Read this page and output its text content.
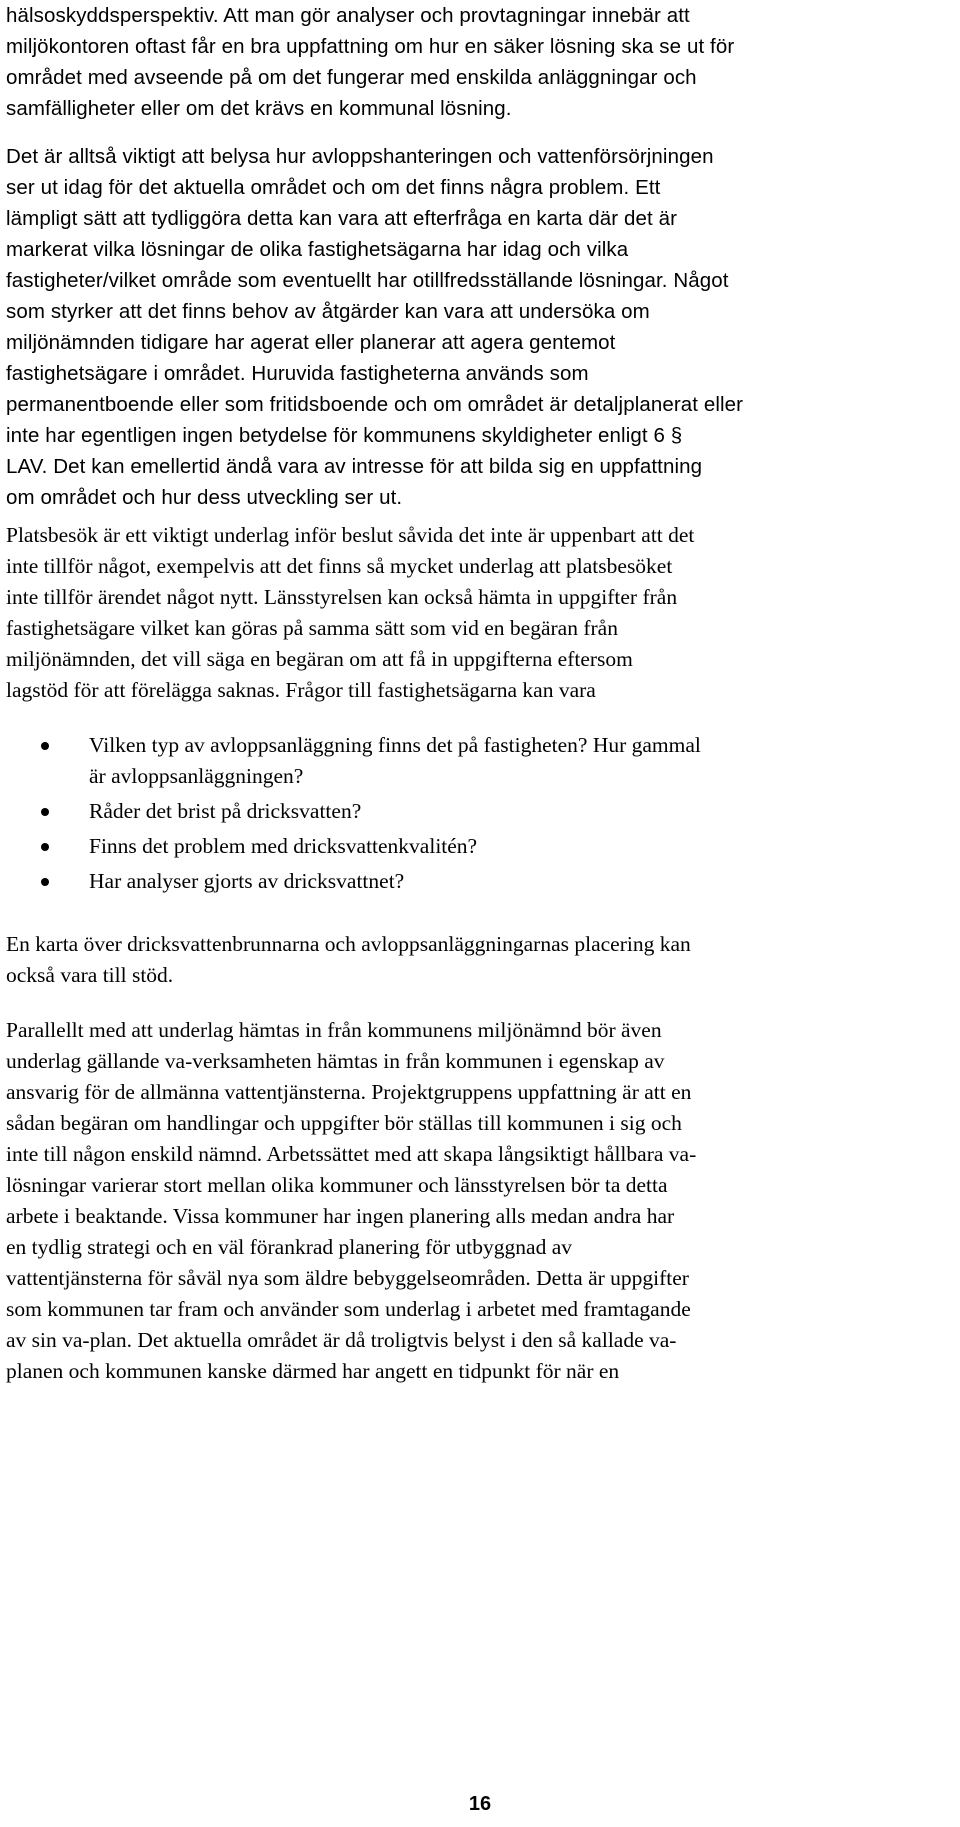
hälsoskyddsperspektiv. Att man gör analyser och provtagningar innebär att
miljökontoren oftast får en bra uppfattning om hur en säker lösning ska se ut för
området med avseende på om det fungerar med enskilda anläggningar och
samfälligheter eller om det krävs en kommunal lösning.
Det är alltså viktigt att belysa hur avloppshanteringen och vattenförsörjningen
ser ut idag för det aktuella området och om det finns några problem. Ett
lämpligt sätt att tydliggöra detta kan vara att efterfråga en karta där det är
markerat vilka lösningar de olika fastighetsägarna har idag och vilka
fastigheter/vilket område som eventuellt har otillfredsställande lösningar. Något
som styrker att det finns behov av åtgärder kan vara att undersöka om
miljönämnden tidigare har agerat eller planerar att agera gentemot
fastighetsägare i området. Huruvida fastigheterna används som
permanentboende eller som fritidsboende och om området är detaljplanerat eller
inte har egentligen ingen betydelse för kommunens skyldigheter enligt 6 §
LAV. Det kan emellertid ändå vara av intresse för att bilda sig en uppfattning
om området och hur dess utveckling ser ut.
Platsbesök är ett viktigt underlag inför beslut såvida det inte är uppenbart att det
inte tillför något, exempelvis att det finns så mycket underlag att platsbesöket
inte tillför ärendet något nytt. Länsstyrelsen kan också hämta in uppgifter från
fastighetsägare vilket kan göras på samma sätt som vid en begäran från
miljönämnden, det vill säga en begäran om att få in uppgifterna eftersom
lagstöd för att förelägga saknas. Frågor till fastighetsägarna kan vara
Vilken typ av avloppsanläggning finns det på fastigheten? Hur gammal
är avloppsanläggningen?
Råder det brist på dricksvatten?
Finns det problem med dricksvattenkvalitén?
Har analyser gjorts av dricksvattnet?
En karta över dricksvattenbrunnarna och avloppsanläggningarnas placering kan
också vara till stöd.
Parallellt med att underlag hämtas in från kommunens miljönämnd bör även
underlag gällande va-verksamheten hämtas in från kommunen i egenskap av
ansvarig för de allmänna vattentjänsterna. Projektgruppens uppfattning är att en
sådan begäran om handlingar och uppgifter bör ställas till kommunen i sig och
inte till någon enskild nämnd. Arbetssättet med att skapa långsiktigt hållbara va-
lösningar varierar stort mellan olika kommuner och länsstyrelsen bör ta detta
arbete i beaktande. Vissa kommuner har ingen planering alls medan andra har
en tydlig strategi och en väl förankrad planering för utbyggnad av
vattentjänsterna för såväl nya som äldre bebyggelseområden. Detta är uppgifter
som kommunen tar fram och använder som underlag i arbetet med framtagande
av sin va-plan. Det aktuella området är då troligtvis belyst i den så kallade va-
planen och kommunen kanske därmed har angett en tidpunkt för när en
16
